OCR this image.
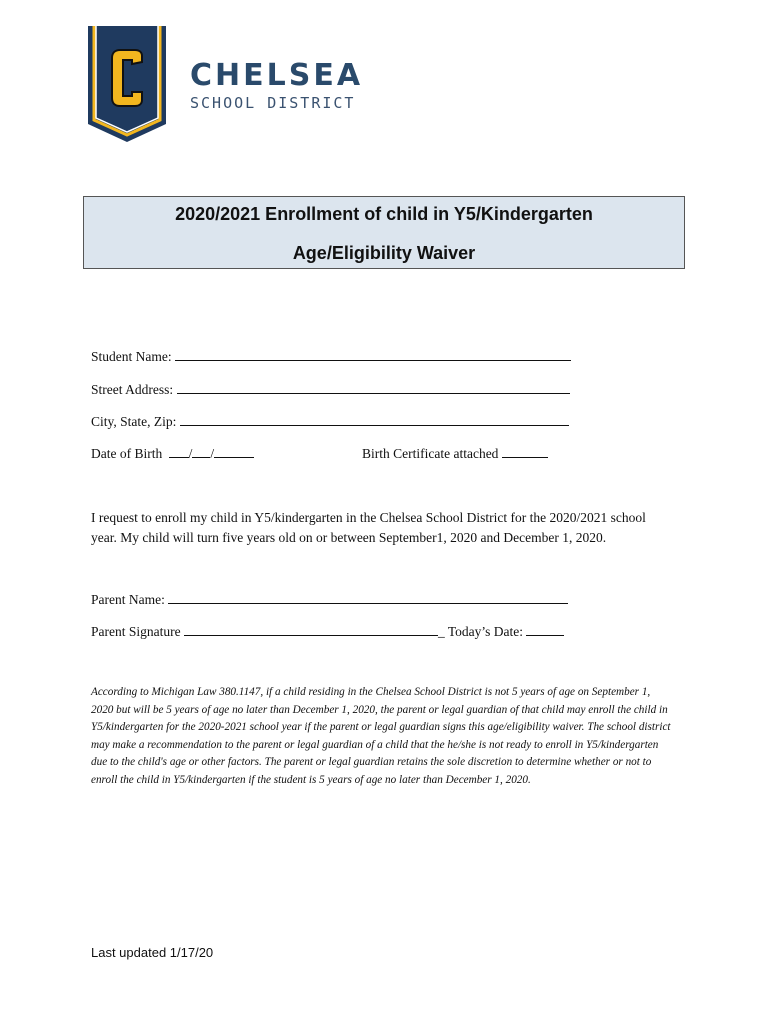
CHELSEA
SCHOOL DISTRICT
2020/2021 Enrollment of child in Y5/Kindergarten
Age/Eligibility Waiver
Student Name:
Street Address:
City, State, Zip:
Date of Birth / /	Birth Certificate attached
I request to enroll my child in Y5/kindergarten in the Chelsea School District for the 2020/2021 school year. My child will turn five years old on or between September1, 2020 and December 1, 2020.
Parent Name:
Parent Signature	_ Today’s Date:
According to Michigan Law 380.1147, if a child residing in the Chelsea School District is not 5 years of age on September 1, 2020 but will be 5 years of age no later than December 1, 2020, the parent or legal guardian of that child may enroll the child in Y5/kindergarten for the 2020-2021 school year if the parent or legal guardian signs this age/eligibility waiver. The school district may make a recommendation to the parent or legal guardian of a child that the he/she is not ready to enroll in Y5/kindergarten due to the child's age or other factors. The parent or legal guardian retains the sole discretion to determine whether or not to enroll the child in Y5/kindergarten if the student is 5 years of age no later than December 1, 2020.
Last updated 1/17/20
